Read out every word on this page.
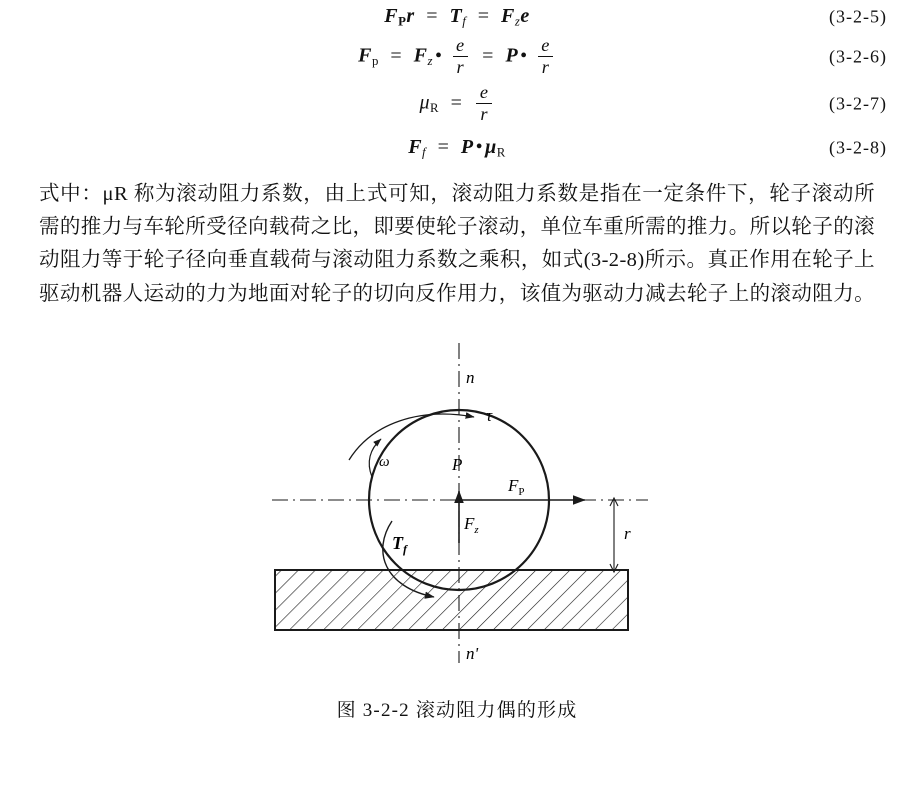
$F_Pr = Tf$ = Fze	(3-2-5)
$F_p = Fz$ • $\frac{e}{r} = P$ • $\frac{e}{r}$	(3-2-6)
$\mu_R = \frac{e}{r}$	(3-2-7)
Ff = P • $\mu_R$	(3-2-8)
式中：μR 称为滚动阻力系数，由上式可知，滚动阻力系数是指在一定条件下，轮子滚动所需的推力与车轮所受径向载荷之比，即要使轮子滚动，单位车重所需的推力。所以轮子的滚动阻力等于轮子径向垂直载荷与滚动阻力系数之乘积，如式(3-2-8)所示。真正作用在轮子上驱动机器人运动的力为地面对轮子的切向反作用力，该值为驱动力减去轮子上的滚动阻力。
τ
ω
$F_P$
P
$F_z$
$T_f$
r
n
n'
图 3-2-2 滚动阻力偶的形成
